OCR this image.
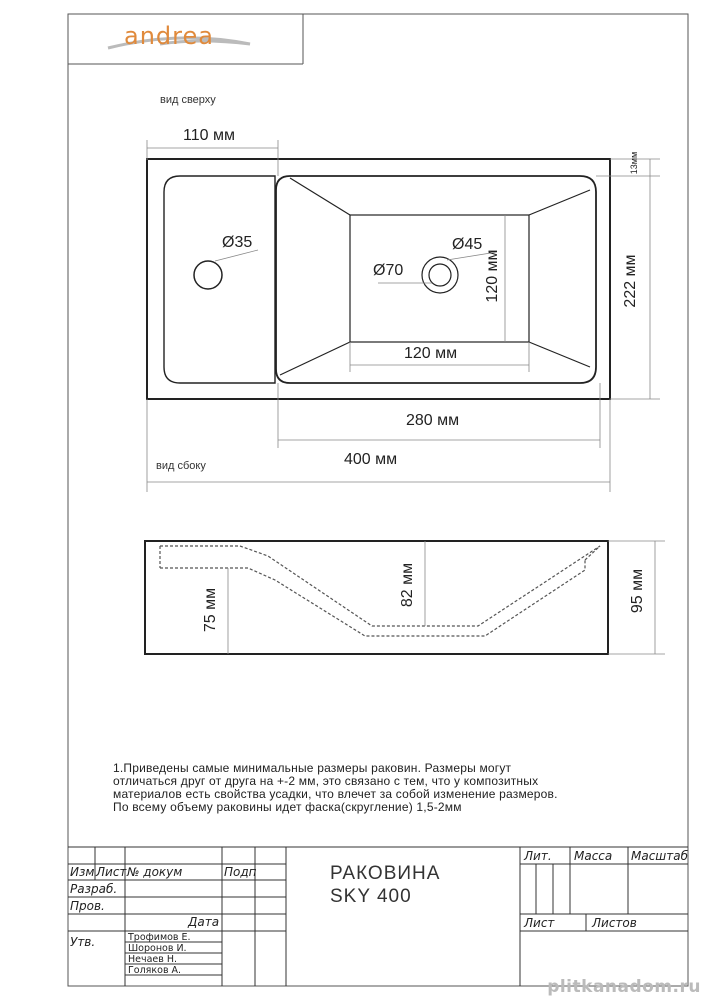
andrea
вид сверху
вид сбоку
110 мм
Ø35	Ø45
Ø70
120 мм
120 мм
13мм
222 мм
280 мм
400 мм
75 мм
82 мм	95 мм
1.Приведены самые минимальные размеры раковин. Размеры могут
отличаться друг от друга на +-2 мм, это связано с тем, что у композитных
материалов есть свойства усадки, что влечет за собой изменение размеров.
По всему объему раковины идет фаска(скругление) 1,5-2мм
Изм Лист № докум	Подп
Разраб.
Пров.
Дата
Утв.	Трофимов Е.
Шоронов И.
Нечаев Н.
Голяков А.
РАКОВИНА
SKY 400
Лит. Масса Масштаб
Лист	Листов
plitkanadom.ru
